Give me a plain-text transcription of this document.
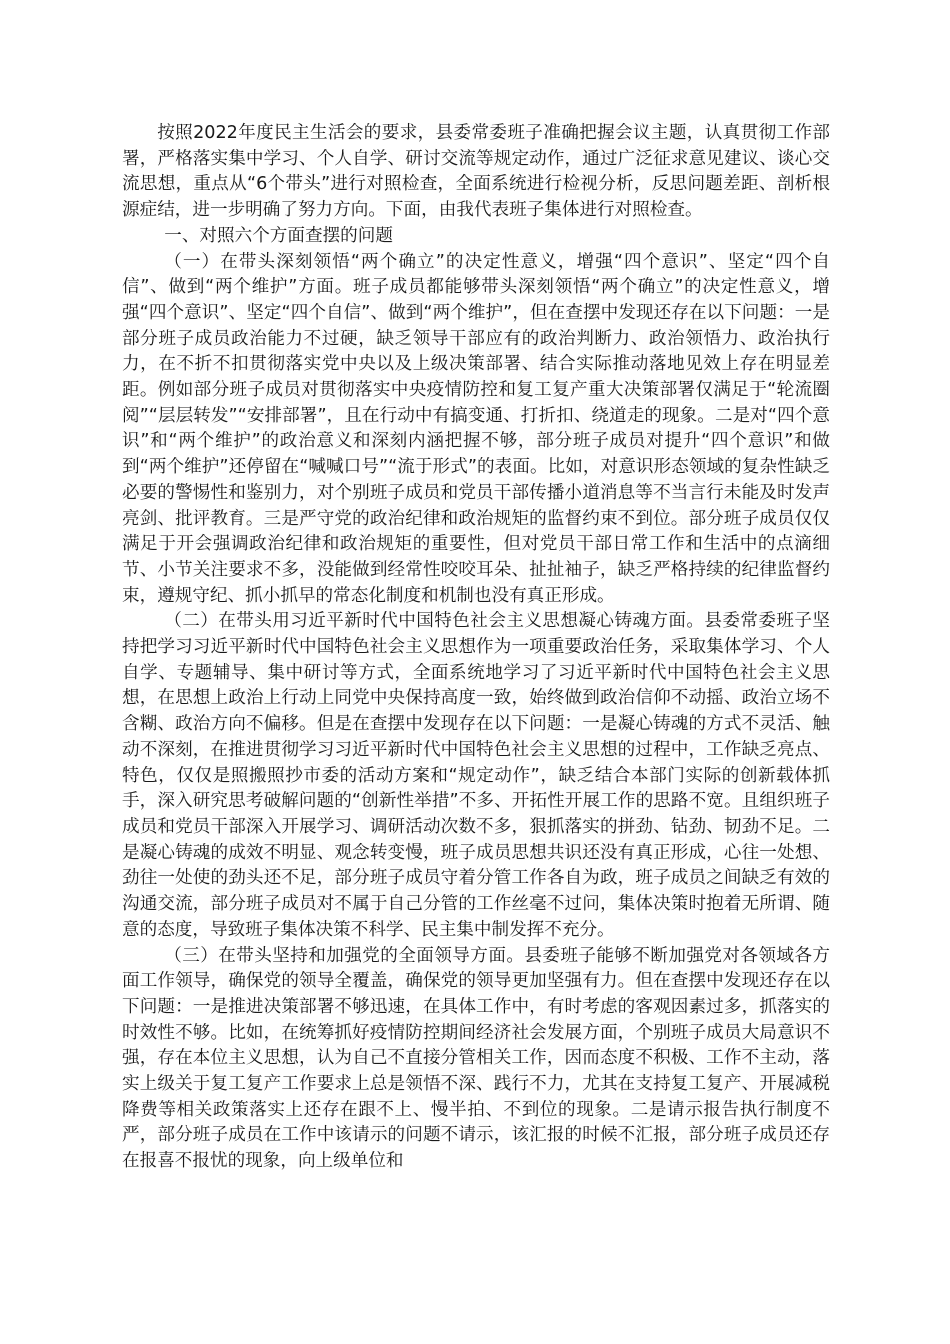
按照2022年度民主生活会的要求，县委常委班子准确把握会议主题，认真贯彻工作部署，严格落实集中学习、个人自学、研讨交流等规定动作，通过广泛征求意见建议、谈心交流思想，重点从“6个带头”进行对照检查，全面系统进行检视分析，反思问题差距、剖析根源症结，进一步明确了努力方向。下面，由我代表班子集体进行对照检查。

一、对照六个方面查摆的问题

（一）在带头深刻领悟“两个确立”的决定性意义，增强“四个意识”、坚定“四个自信”、做到“两个维护”方面。班子成员都能够带头深刻领悟“两个确立”的决定性意义，增强“四个意识”、坚定“四个自信”、做到“两个维护”，但在查摆中发现还存在以下问题：一是部分班子成员政治能力不过硬，缺乏领导干部应有的政治判断力、政治领悟力、政治执行力，在不折不扣贯彻落实党中央以及上级决策部署、结合实际推动落地见效上存在明显差距。例如部分班子成员对贯彻落实中央疫情防控和复工复产重大决策部署仅满足于“轮流圈阅”“层层转发”“安排部署”，且在行动中有搞变通、打折扣、绕道走的现象。二是对“四个意识”和“两个维护”的政治意义和深刻内涵把握不够，部分班子成员对提升“四个意识”和做到“两个维护”还停留在“喊喊口号”“流于形式”的表面。比如，对意识形态领域的复杂性缺乏必要的警惕性和鉴别力，对个别班子成员和党员干部传播小道消息等不当言行未能及时发声亮剑、批评教育。三是严守党的政治纪律和政治规矩的监督约束不到位。部分班子成员仅仅满足于开会强调政治纪律和政治规矩的重要性，但对党员干部日常工作和生活中的点滴细节、小节关注要求不多，没能做到经常性咬咬耳朵、扯扯袖子，缺乏严格持续的纪律监督约束，遵规守纪、抓小抓早的常态化制度和机制也没有真正形成。

（二）在带头用习近平新时代中国特色社会主义思想凝心铸魂方面。县委常委班子坚持把学习习近平新时代中国特色社会主义思想作为一项重要政治任务，采取集体学习、个人自学、专题辅导、集中研讨等方式，全面系统地学习了习近平新时代中国特色社会主义思想，在思想上政治上行动上同党中央保持高度一致，始终做到政治信仰不动摇、政治立场不含糊、政治方向不偏移。但是在查摆中发现存在以下问题：一是凝心铸魂的方式不灵活、触动不深刻，在推进贯彻学习习近平新时代中国特色社会主义思想的过程中，工作缺乏亮点、特色，仅仅是照搬照抄市委的活动方案和“规定动作”，缺乏结合本部门实际的创新载体抓手，深入研究思考破解问题的“创新性举措”不多、开拓性开展工作的思路不宽。且组织班子成员和党员干部深入开展学习、调研活动次数不多，狠抓落实的拼劲、钻劲、韧劲不足。二是凝心铸魂的成效不明显、观念转变慢，班子成员思想共识还没有真正形成，心往一处想、劲往一处使的劲头还不足，部分班子成员守着分管工作各自为政，班子成员之间缺乏有效的沟通交流，部分班子成员对不属于自己分管的工作丝毫不过问，集体决策时抱着无所谓、随意的态度，导致班子集体决策不科学、民主集中制发挥不充分。

（三）在带头坚持和加强党的全面领导方面。县委班子能够不断加强党对各领域各方面工作领导，确保党的领导全覆盖，确保党的领导更加坚强有力。但在查摆中发现还存在以下问题：一是推进决策部署不够迅速，在具体工作中，有时考虑的客观因素过多，抓落实的时效性不够。比如，在统筹抓好疫情防控期间经济社会发展方面，个别班子成员大局意识不强，存在本位主义思想，认为自己不直接分管相关工作，因而态度不积极、工作不主动，落实上级关于复工复产工作要求上总是领悟不深、践行不力，尤其在支持复工复产、开展减税降费等相关政策落实上还存在跟不上、慢半拍、不到位的现象。二是请示报告执行制度不严，部分班子成员在工作中该请示的问题不请示，该汇报的时候不汇报，部分班子成员还存在报喜不报忧的现象，向上级单位和
